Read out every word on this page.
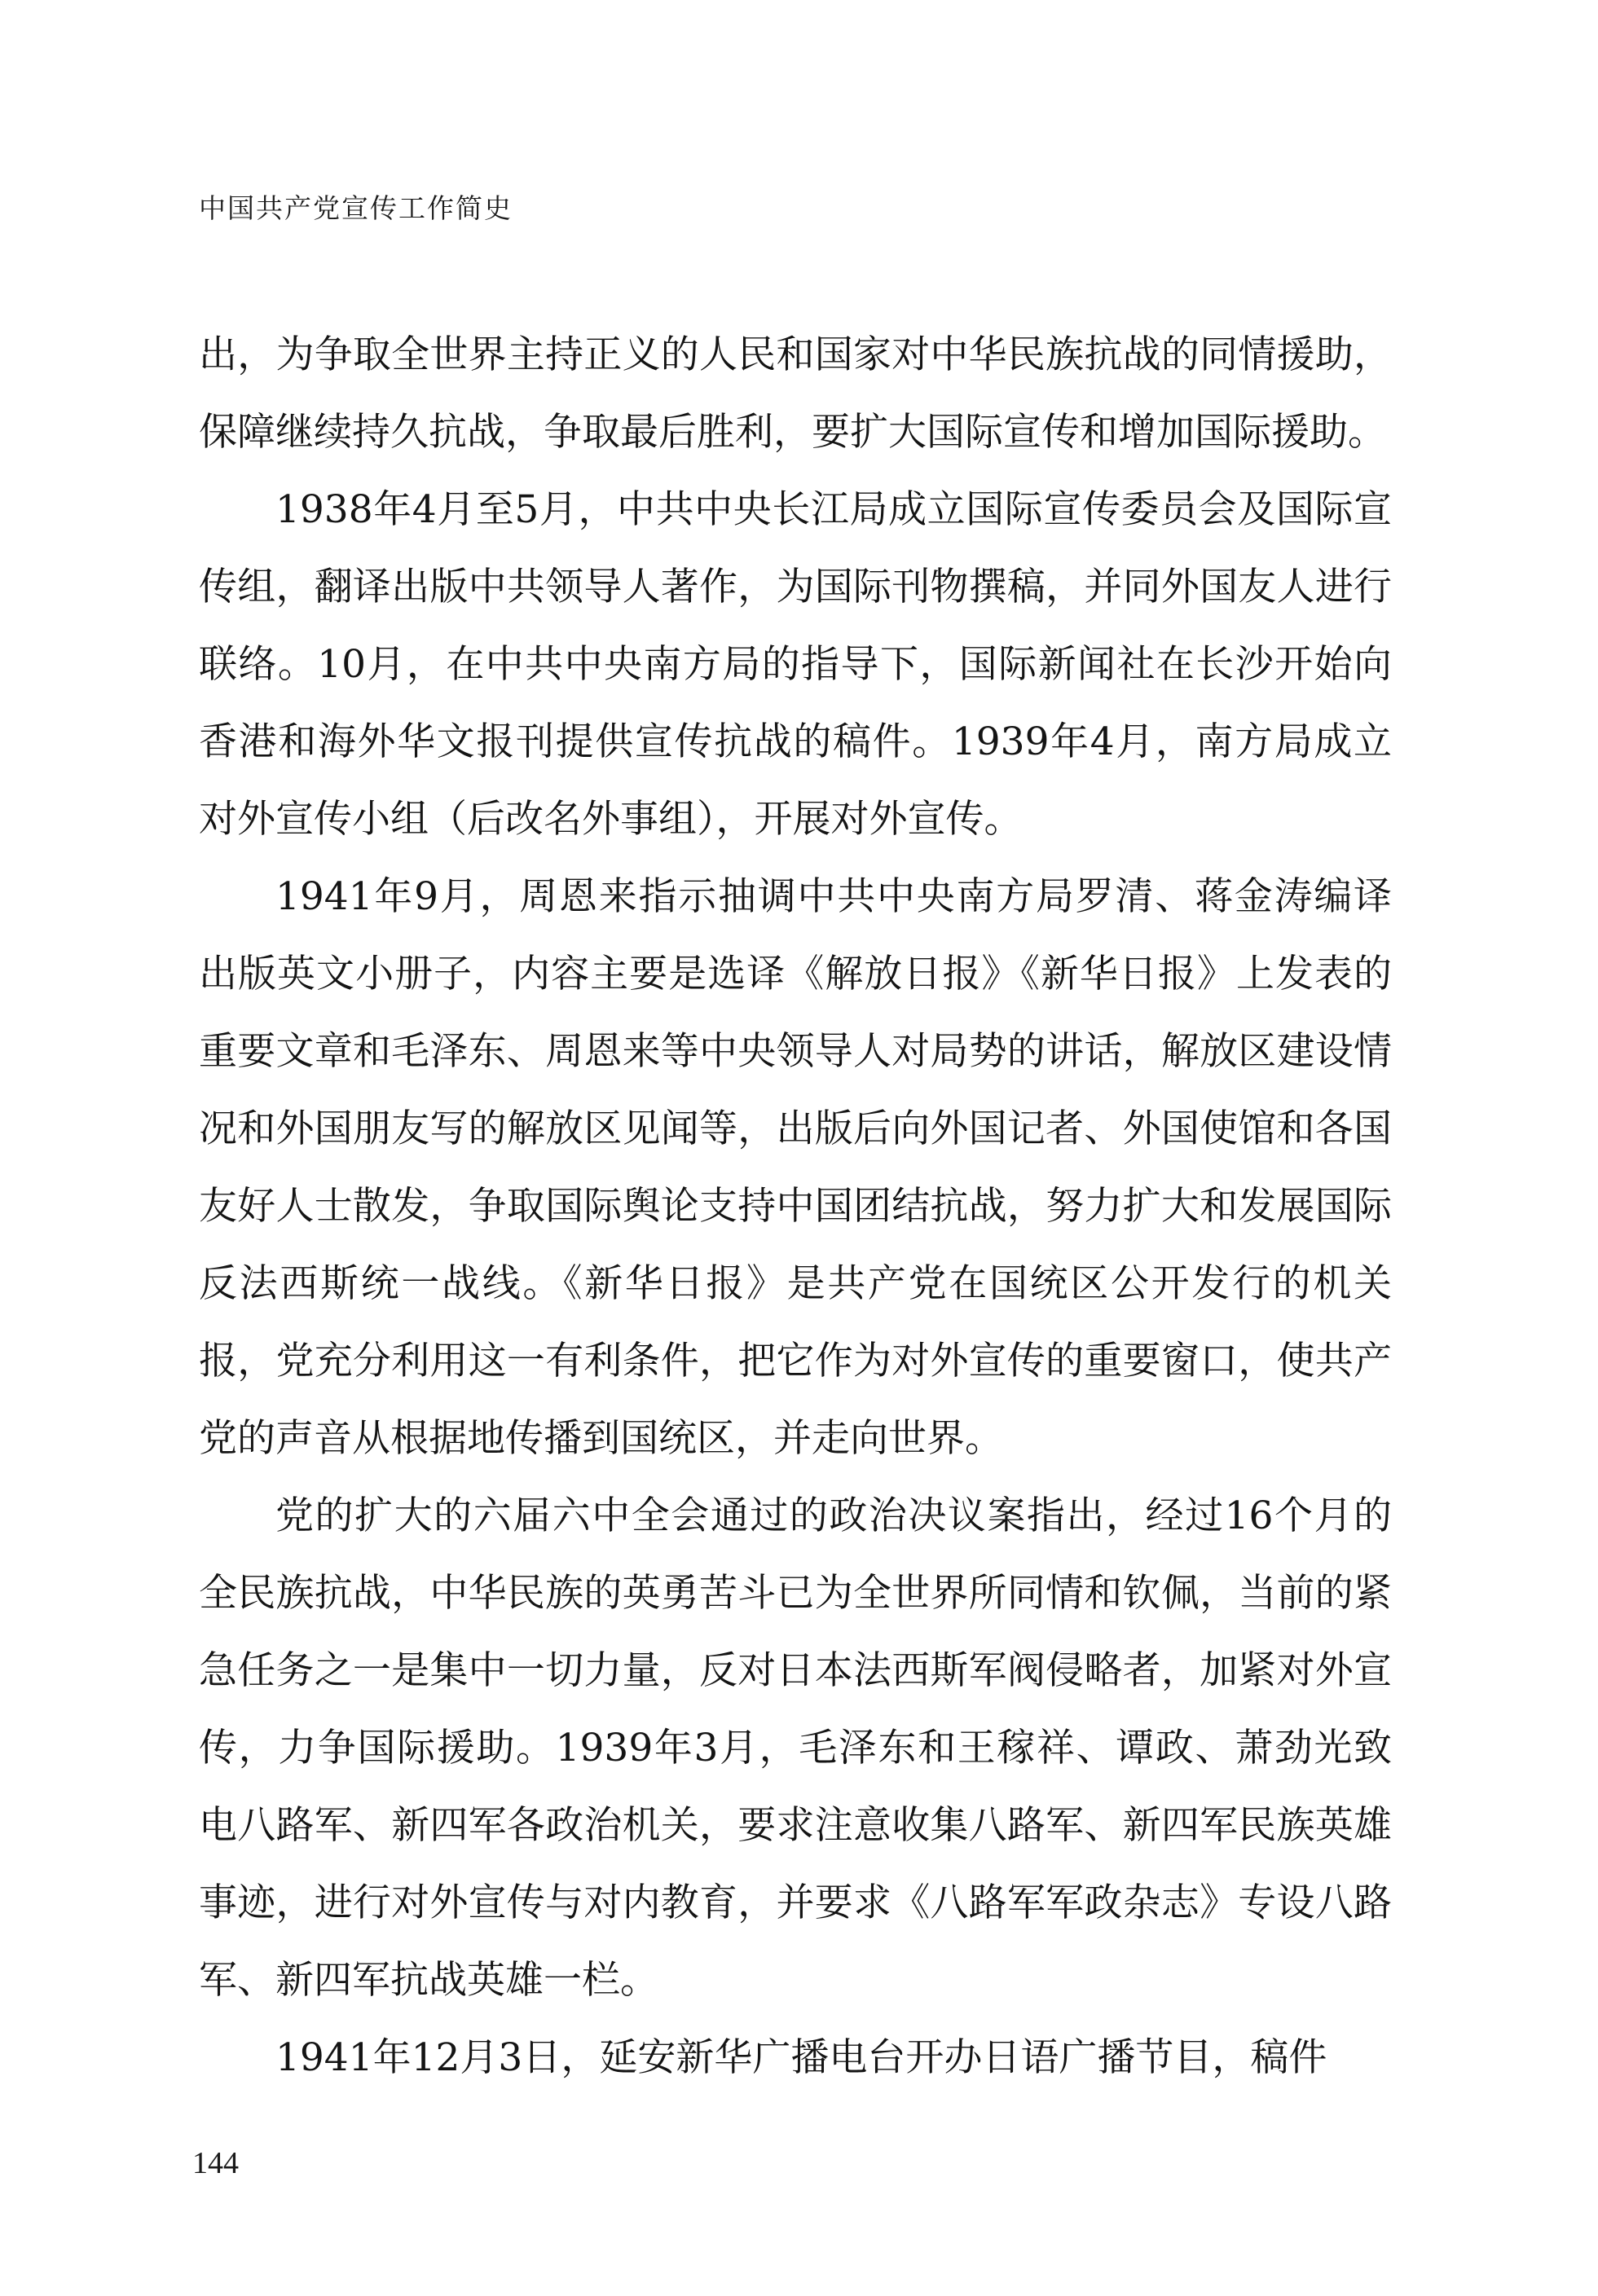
中国共产党宣传工作简史

出，为争取全世界主持正义的人民和国家对中华民族抗战的同情援助，保障继续持久抗战，争取最后胜利，要扩大国际宣传和增加国际援助。

1938年4月至5月，中共中央长江局成立国际宣传委员会及国际宣传组，翻译出版中共领导人著作，为国际刊物撰稿，并同外国友人进行联络。10月，在中共中央南方局的指导下，国际新闻社在长沙开始向香港和海外华文报刊提供宣传抗战的稿件。1939年4月，南方局成立对外宣传小组（后改名外事组），开展对外宣传。

1941年9月，周恩来指示抽调中共中央南方局罗清、蒋金涛编译出版英文小册子，内容主要是选译《解放日报》《新华日报》上发表的重要文章和毛泽东、周恩来等中央领导人对局势的讲话，解放区建设情况和外国朋友写的解放区见闻等，出版后向外国记者、外国使馆和各国友好人士散发，争取国际舆论支持中国团结抗战，努力扩大和发展国际反法西斯统一战线。《新华日报》是共产党在国统区公开发行的机关报，党充分利用这一有利条件，把它作为对外宣传的重要窗口，使共产党的声音从根据地传播到国统区，并走向世界。

党的扩大的六届六中全会通过的政治决议案指出，经过16个月的全民族抗战，中华民族的英勇苦斗已为全世界所同情和钦佩，当前的紧急任务之一是集中一切力量，反对日本法西斯军阀侵略者，加紧对外宣传，力争国际援助。1939年3月，毛泽东和王稼祥、谭政、萧劲光致电八路军、新四军各政治机关，要求注意收集八路军、新四军民族英雄事迹，进行对外宣传与对内教育，并要求《八路军军政杂志》专设八路军、新四军抗战英雄一栏。

1941年12月3日，延安新华广播电台开办日语广播节目，稿件

144
